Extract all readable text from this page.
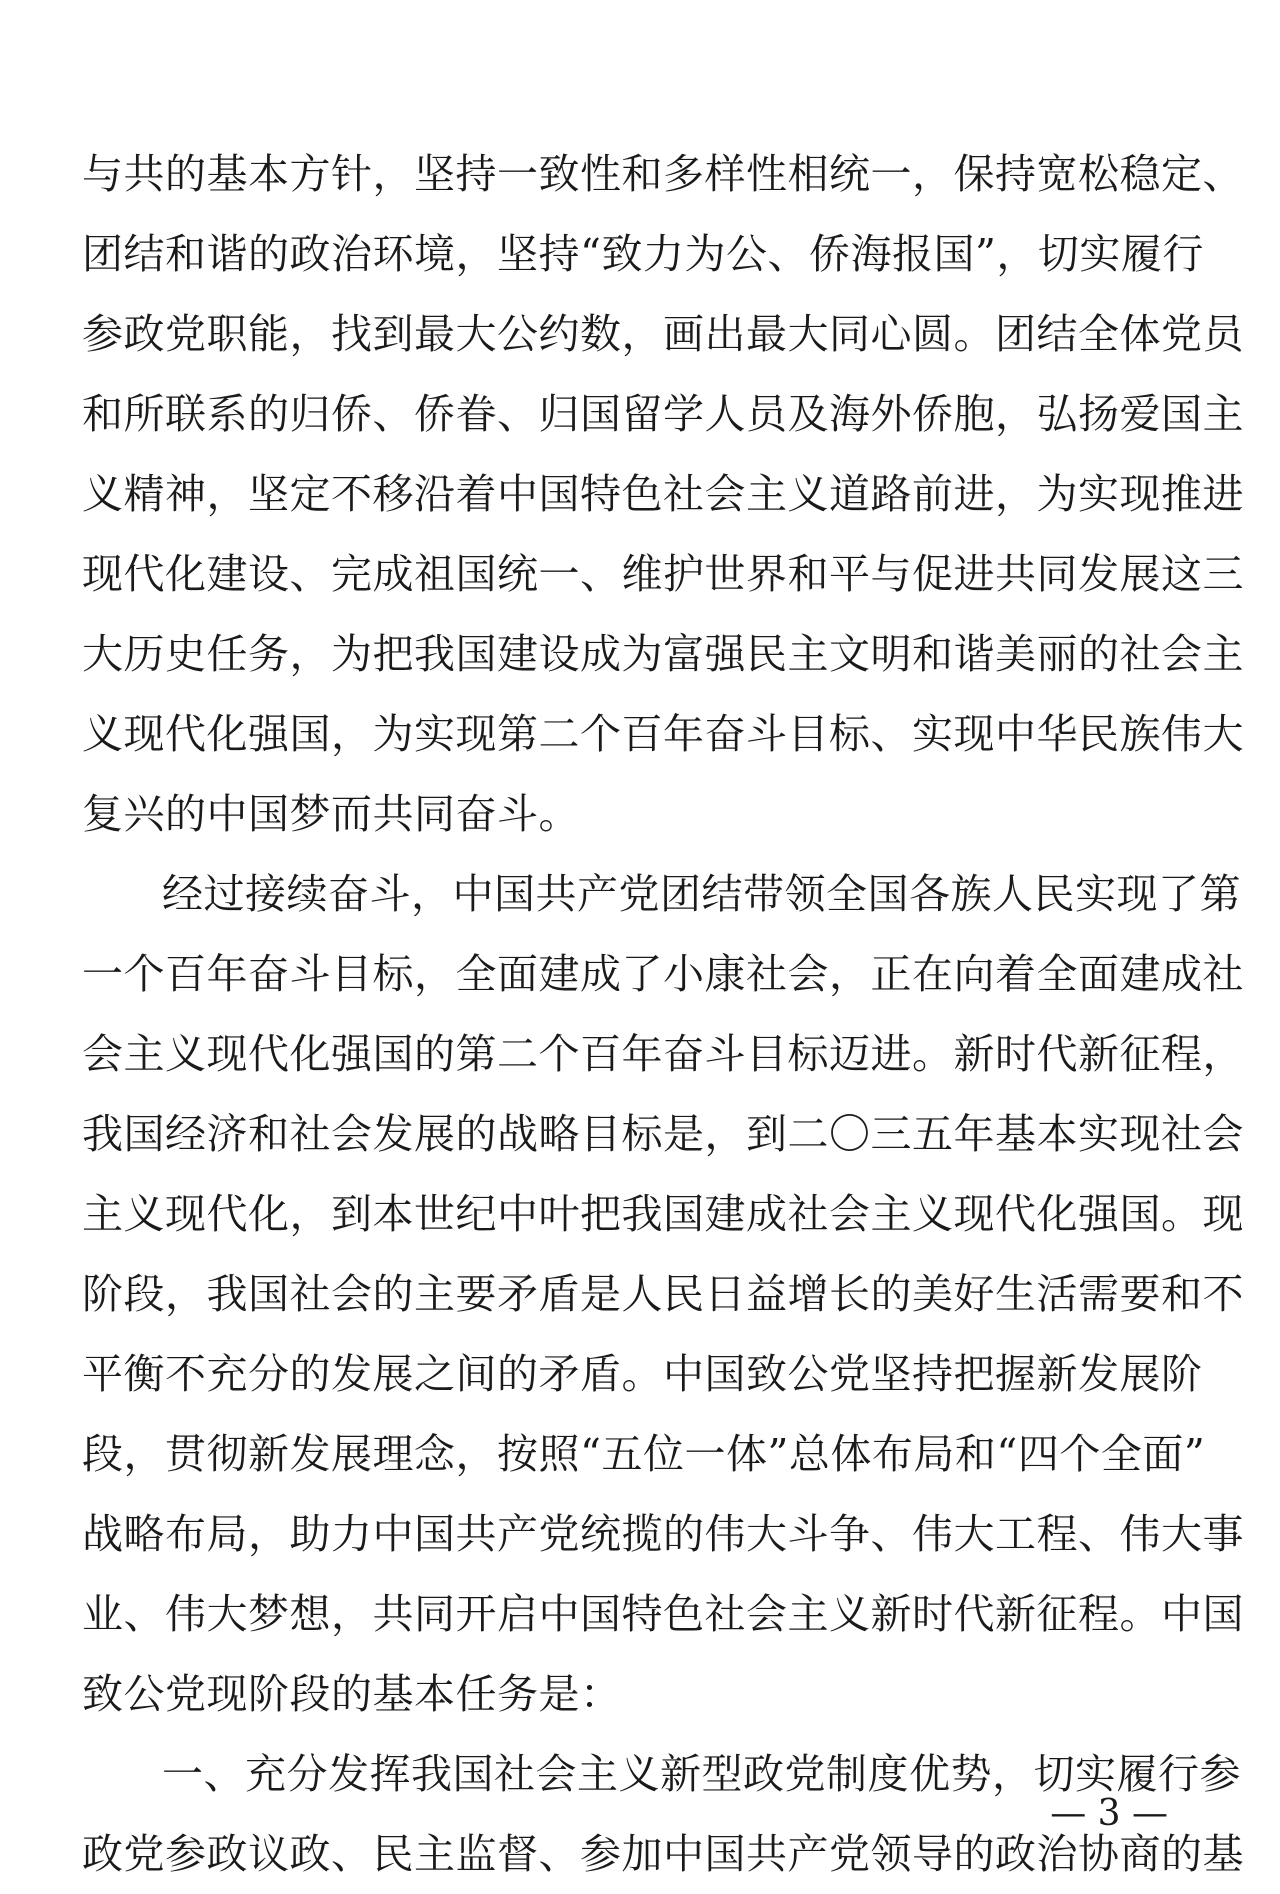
与共的基本方针，坚持一致性和多样性相统一，保持宽松稳定、
团结和谐的政治环境，坚持“致力为公、侨海报国”，切实履行
参政党职能，找到最大公约数，画出最大同心圆。团结全体党员
和所联系的归侨、侨眷、归国留学人员及海外侨胞，弘扬爱国主
义精神，坚定不移沿着中国特色社会主义道路前进，为实现推进
现代化建设、完成祖国统一、维护世界和平与促进共同发展这三
大历史任务，为把我国建设成为富强民主文明和谐美丽的社会主
义现代化强国，为实现第二个百年奋斗目标、实现中华民族伟大
复兴的中国梦而共同奋斗。
经过接续奋斗，中国共产党团结带领全国各族人民实现了第
一个百年奋斗目标，全面建成了小康社会，正在向着全面建成社
会主义现代化强国的第二个百年奋斗目标迈进。新时代新征程，
我国经济和社会发展的战略目标是，到二〇三五年基本实现社会
主义现代化，到本世纪中叶把我国建成社会主义现代化强国。现
阶段，我国社会的主要矛盾是人民日益增长的美好生活需要和不
平衡不充分的发展之间的矛盾。中国致公党坚持把握新发展阶
段，贯彻新发展理念，按照“五位一体”总体布局和“四个全面”
战略布局，助力中国共产党统揽的伟大斗争、伟大工程、伟大事
业、伟大梦想，共同开启中国特色社会主义新时代新征程。中国
致公党现阶段的基本任务是：
一、充分发挥我国社会主义新型政党制度优势，切实履行参
政党参政议政、民主监督、参加中国共产党领导的政治协商的基
— 3 —
